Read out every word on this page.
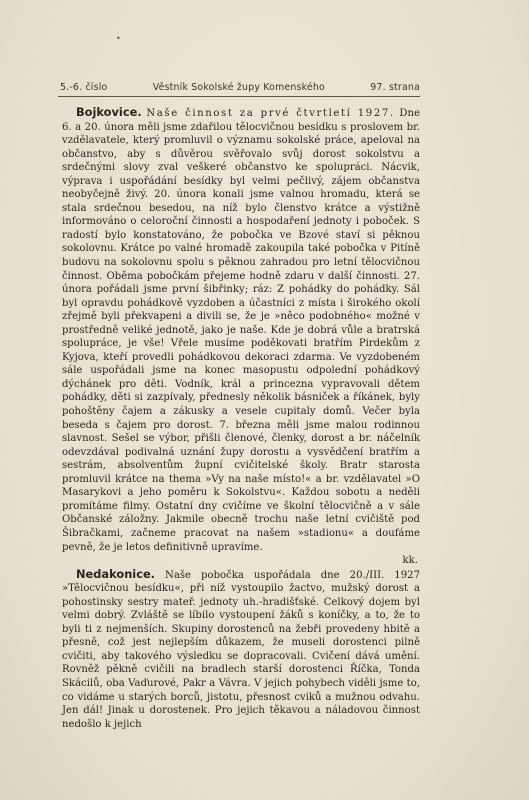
•
5.-6. číslo	Věstník Sokolské župy Komenského	97. strana

Bojkovice. Naše činnost za prvé čtvrtletí 1927. Dne 6. a 20. února měli jsme zdařilou tělocvičnou besídku s proslovem br. vzdělavatele, který promluvil o významu sokolské práce, apeloval na občanstvo, aby s důvěrou svěřovalo svůj dorost sokolstvu a srdečnými slovy zval veškeré občanstvo ke spolupráci. Nácvik, výprava i uspořádání besídky byl velmi pečlivý, zájem občanstva neobyčejně živý. 20. února konali jsme valnou hromadu, která se stala srdečnou besedou, na níž bylo členstvo krátce a výstižně informováno o celoroční činnosti a hospodaření jednoty i poboček. S radostí bylo konstatováno, že pobočka ve Bzové staví si pěknou sokolovnu. Krátce po valné hromadě zakoupila také pobočka v Pitíně budovu na sokolovnu spolu s pěknou zahradou pro letní tělocvičnou činnost. Oběma pobočkám přejeme hodně zdaru v další činnosti. 27. února pořádali jsme první šibřinky; ráz: Z pohádky do pohádky. Sál byl opravdu pohádkově vyzdoben a účastníci z místa i širokého okolí zřejmě byli překvapeni a divili se, že je »něco podobného« možné v prostředně veliké jednotě, jako je naše. Kde je dobrá vůle a bratrská spolupráce, je vše! Vřele musíme poděkovati bratřím Pirdekům z Kyjova, kteří provedli pohádkovou dekoraci zdarma. Ve vyzdobeném sále uspořádali jsme na konec masopustu odpolední pohádkový dýchánek pro děti. Vodník, král a princezna vypravovali dětem pohádky, děti si zazpívaly, přednesly několik básniček a říkánek, byly pohoštěny čajem a zákusky a vesele cupitaly domů. Večer byla beseda s čajem pro dorost. 7. března měli jsme malou rodinnou slavnost. Sešel se výbor, přišli členové, členky, dorost a br. náčelník odevzdával podivalná uznání župy dorostu a vysvědčení bratřím a sestrám, absolventům župní cvičitelské školy. Bratr starosta promluvil krátce na thema »Vy na naše místo!« a br. vzdělavatel »O Masarykovi a jeho poměru k Sokolstvu«. Každou sobotu a neděli promítáme filmy. Ostatní dny cvičíme ve školní tělocvičně a v sále Občanské záložny. Jakmile obecně trochu naše letní cvičiště pod Šibračkami, začneme pracovat na našem »stadionu« a doufáme pevně, že je letos definitivně upravíme.
kk.

Nedakonice. Naše pobočka uspořádala dne 20./III. 1927 »Tělocvičnou besídku«, při níž vystoupilo žactvo, mužský dorost a pohostinsky sestry mateř. jednoty uh.-hradišťské. Celkový dojem byl velmi dobrý. Zvláště se líbilo vystoupení žáků s koníčky, a to, že to byli ti z nejmenších. Skupiny dorostenců na žebři provedeny hbitě a přesně, což jest nejlepším důkazem, že museli dorostenci pilně cvičiti, aby takového výsledku se dopracovali. Cvičení dává umění. Rovněž pěkně cvičili na bradlech starší dorostenci Říčka, Tonda Skácilů, oba Vaďurové, Pakr a Vávra. V jejich pohybech viděli jsme to, co vidáme u starých borců, jistotu, přesnost cviků a mužnou odvahu. Jen dál! Jinak u dorostenek. Pro jejich těkavou a náladovou činnost nedošlo k jejich
